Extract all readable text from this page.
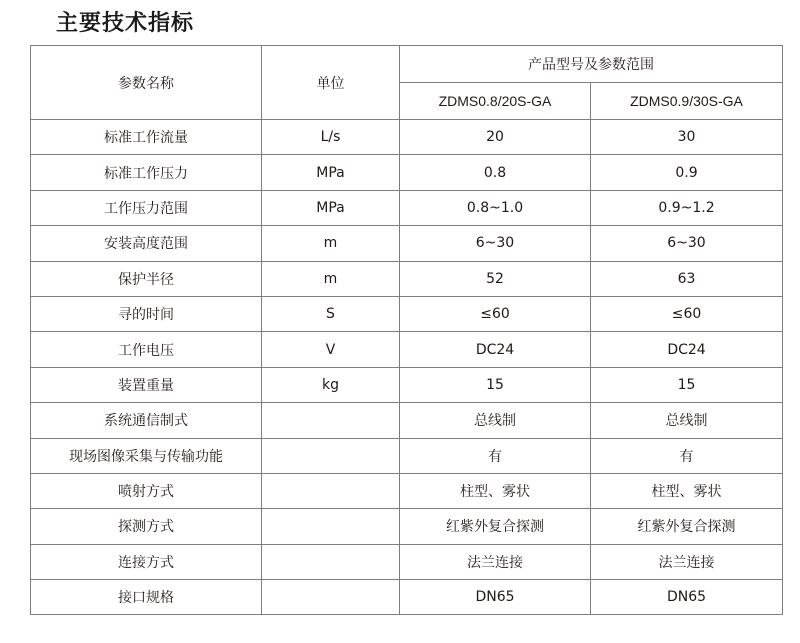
主要技术指标
参数名称	单位	产品型号及参数范围	
		ZDMS0.8/20S-GA	ZDMS0.9/30S-GA
标准工作流量	L/s	20	30
标准工作压力	MPa	0.8	0.9
工作压力范围	MPa	0.8~1.0	0.9~1.2
安装高度范围	m	6~30	6~30
保护半径	m	52	63
寻的时间	S	≤60	≤60
工作电压	V	DC24	DC24
装置重量	kg	15	15
系统通信制式		总线制	总线制
现场图像采集与传输功能		有	有
喷射方式		柱型、雾状	柱型、雾状
探测方式		红紫外复合探测	红紫外复合探测
连接方式		法兰连接	法兰连接
接口规格		DN65	DN65
